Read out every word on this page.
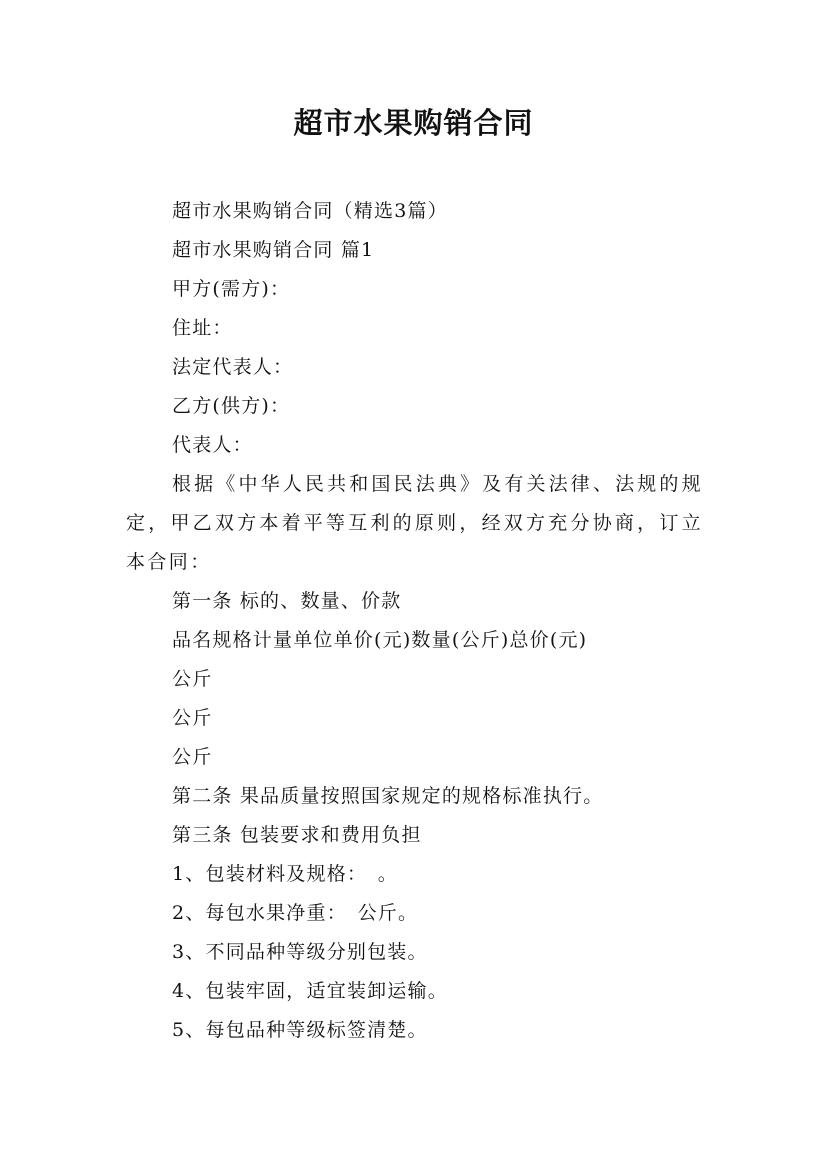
超市水果购销合同

超市水果购销合同（精选3篇）

超市水果购销合同 篇1

甲方(需方)：

住址：

法定代表人：

乙方(供方)：

代表人：

根据《中华人民共和国民法典》及有关法律、法规的规定，甲乙双方本着平等互利的原则，经双方充分协商，订立本合同：

第一条 标的、数量、价款

品名规格计量单位单价(元)数量(公斤)总价(元)

公斤

公斤

公斤

第二条 果品质量按照国家规定的规格标准执行。

第三条 包装要求和费用负担

1、包装材料及规格：　。

2、每包水果净重：　公斤。

3、不同品种等级分别包装。

4、包装牢固，适宜装卸运输。

5、每包品种等级标签清楚。
